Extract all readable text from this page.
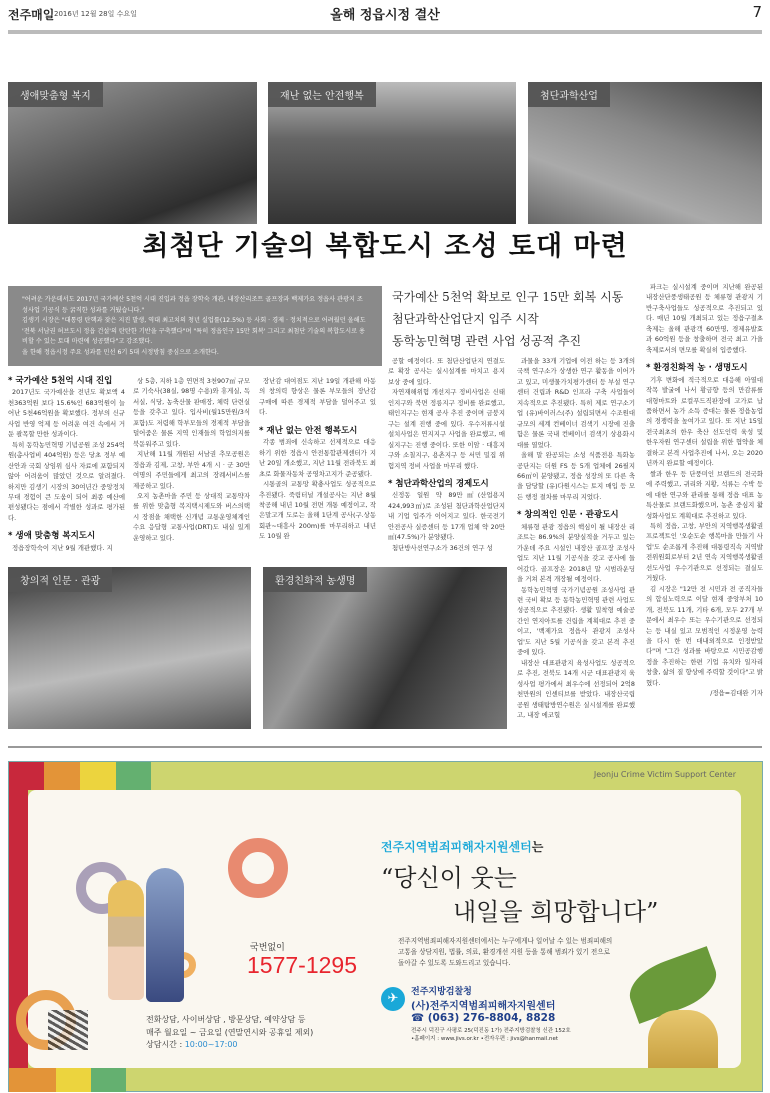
전주매일 2016년 12월 28일 수요일	올해 정읍시정 결산	7
생애맞춤형 복지	재난 없는 안전행복	첨단과학산업
최첨단 기술의 복합도시 조성 토대 마련

"어려운 가운데서도 2017년 국가예산 5천억 시대 진입과 정읍 장학숙 개관, 내장산리조트 골프장과 백제가요 정읍사 관광지 조성사업 기공식 등 굵직한 성과를 거뒀습니다."

김생기 시장은 "대통령 탄핵과 잦은 지진 발생, 역대 최고치의 청년 실업률(12.5%) 등 사회 · 경제 · 정치적으로 어려웠던 올해도 '전북 서남권 허브도시 정읍 건설'의 탄탄한 기반을 구축했다"며 "특히 정읍인구 15만 회복' 그리고 최첨단 기술의 복합도시로 용비할 수 있는 토대 마련에 성공했다"고 강조했다.

올 한해 정읍시정 주요 성과를 민선 6기 5대 시정방침 중심으로 소개한다.

국가예산 5천억 확보로 인구 15만 회복 시동
첨단과학산업단지 입주 시작
동학농민혁명 관련 사업 성공적 추진
* 국가예산 5천억 시대 진입

2017년도 국가예산을 전년도 확보액 4천363억원 보다 15.6%인 683억원이 늘어난 5천46억원을 확보했다. 정부의 신규 사업 반영 억제 등 어려운 여건 속에서 거둔 괄목할 만한 성과이다.

특히 동학농민혁명 기념공원 조성 254억원(총사업비 404억원) 등은 당초 정부 예산안과 국회 상임위 심사 자료에 포함되지 않아 어려움이 많았던 것으로 알려졌다. 하지만 김생기 시장의 30여년간 중앙정치 무대 경험이 큰 도움이 되어 최종 예산에 편성됐다는 점에서 각별한 성과로 평가된다.

* 생애 맞춤형 복지도시

정읍장학숙이 지난 9월 개관했다. 지

상 5층, 지하 1층 연면적 3천907㎡ 규모로 기숙사(38실, 98명 수용)와 휴게실, 독서실, 식당, 농축산물 판매장, 체력 단련실 등을 갖추고 있다. 입사비(월15만원/3식 포함)도 저렴해 학부모들의 경제적 부담을 덜어줌은 물론 지역 인재들의 학업의지를 북돋워주고 있다.

지난해 11월 개원된 서남권 추모공원은 정읍과 김제, 고창, 부안 4개 시 · 군 30만여명의 주민들에게 최고의 장례서비스를 제공하고 있다.

오지 농촌마을 주민 등 상대적 교통약자를 위한 맞춤형 복지택시제도와 버스의택시 장점을 채택한 신개념 교통운영체계인 수요 응답형 교통사업(DRT)도 내실 있게 운영하고 있다.

장난감 대여점도 지난 19일 개관해 아동의 창의력 향상은 물론 부모들의 장난감 구매에 따른 경제적 부담을 덜어주고 있다.

* 재난 없는 안전 행복도시

각종 범죄에 신속하고 선제적으로 대응하기 위한 정읍시 안전통합관제센터가 지난 20일 개소했고, 지난 11월 전라북도 최초로 화물자동차 공영차고지가 준공됐다.

시통골의 교통망 확충사업도 성공적으로 추진됐다. 죽림터널 개설공사는 지난 8월 착공해 내년 10월 전면 개통 예정이고, 작은말고개 도로는 올해 1단계 공사(구.상동회관~대흥사 200m)를 마무리하고 내년도 10월 완

공할 예정이다. 또 첨단산업단지 연결도로 확장 공사는 실시설계를 마치고 용지 보상 중에 있다.

자연재해위험 개선지구 정비사업은 신태인지구와 북면 정릉지구 정비를 완료했고, 태인지구는 현재 공사 추진 중이며 금붕지구는 설계 진행 중에 있다. 우수저류시설 설치사업은 연지지구 사업을 완료했고, 매실지구는 진행 중이다. 또한 이암 · 대흥지구와 소칠지구, 용촌지구 등 서민 밀집 위험지역 정비 사업을 마무리 했다.

* 첨단과학산업의 경제도시

신정동 일원 약 89만㎡(산업용지 424,993㎡)로 조성된 첨단과학산업단지 내 기업 입주가 이어지고 있다. 한국전기안전공사 실증센터 등 17개 업체 약 20만㎡(47.5%)가 분양됐다.

첨단방사선연구소가 36건의 연구 성

과물을 33개 기업에 이전 하는 등 3개의 국책 연구소가 상생한 연구 활동을 이어가고 있고, 미생물가치평가센터 등 부설 연구센터 건립과 R&D 인프라 구축 사업들이 지속적으로 추진됐다. 특히 제로 연구소기업 (유)바이러스(주) 설립되면서 수조원대 규모의 세계 컨베이너 검색기 시장에 진출함은 물론 국내 컨베이너 검색기 상용화시대를 열었다.

올해 말 완공되는 소성 식품전용 특화농공단지는 더원 FS 등 5개 업체에 26필지66㎡이 분양됐고, 정읍 성장의 또 다른 축을 담당할 (유)다원시스는 토지 매입 등 모든 행정 절차를 마무리 지었다.

* 창의적인 인문 · 관광도시

체류형 관광 정읍의 핵심이 될 내장산 리조트는 86.9%의 분양실적을 거두고 있는 가운데 주요 시설인 내장산 골프장 조성사업도 지난 11월 기공식을 갖고 공사에 들어갔다. 골프장은 2018년 말 시범라운딩을 거쳐 본격 개장될 예정이다.

동학농민혁명 국가기념공원 조성사업 관련 국비 확보 등 동학농민혁명 관련 사업도 성공적으로 추진됐다. 생활 밀착형 예술공간인 연지아트를 건립을 계획대로 추진 중이고, '백제가요 정읍사 관광지 조성사업'도 지난 5월 기공식을 갖고 본격 추진 중에 있다.

내장산 대표관광지 육성사업도 성공적으로 추진, 전북도 14개 시군 대표관광지 육성사업 평가에서 최우수에 선정되어 2억8천만원의 인센티브를 받았다. 내장산국립공원 생태탐방연수원은 실시설계를 완료했고, 내장 에코힐

파크는 실시설계 중이며 지난해 완공된 내장산단풍생태공원 등 체류형 관광지 기반구축사업들도 성공적으로 추진되고 있다. 매년 10월 개최되고 있는 정읍구절초축제는 올해 관광객 60만명, 경제유발효과 60억원 등을 창출하며 전국 최고 가을축제로서의 면모를 확실히 입증했다.

* 환경친화적 농 · 생명도시

기후 변화에 적극적으로 대응해 아열대 작목 발굴에 나서 황금향 등의 만감류를 대형마트와 로컬푸드직판장에 고가로 납품하면서 농가 소득 증대는 물론 정읍농업의 경쟁력을 높여가고 있다. 또 지난 15일 전국최초의 한우 축산 선도인력 육성 및 한우자원 연구센터 설립을 위한 협약을 체결하고 본격 사업추진에 나서, 오는 2020년까지 완료할 예정이다.

쌀과 한우 등 단풍미인 브랜드의 전국화에 주력했고, 귀리와 지황, 석류는 수박 등에 대한 연구와 관리를 통해 정읍 대표 농특산물로 브랜드화했으며, 농촌 중심지 활성화사업도 계획대로 추진하고 있다.

특히 정읍, 고창, 부안의 지역행복생활권 프로젝트인 '오순도순 행복마을 만들기 사업'도 순조롭게 추진해 대통령직속 지역발전위원회로부터 2년 연속 지역행복생활권 선도사업 우수기관으로 선정되는 결실도 거뒀다.

김 시장은 "12만 전 시민과 전 공직자들의 합심노력으로 이달 현재 중앙부처 10개, 전북도 11개, 기타 6개, 모두 27개 부문에서 최우수 또는 우수기관으로 선정되는 등 내실 있고 모범적인 시정운영 능력을 다시 한 번 대내외적으로 인정받았다"며 "그간 성과를 바탕으로 시민공감행정을 추진하는 한편 기업 유치와 일자리 창출, 삶의 질 향상에 주력할 것이다"고 밝혔다.

/정읍=김대완 기자
창의적 인문 · 관광	환경친화적 농생명
Jeonju Crime Victim Support Center
전주지역범죄피해자지원센터는
“당신이 웃는
내일을 희망합니다”
전주지역범죄피해자지원센터에서는 누구에게나 일어날 수 있는 범죄피해의
고통을 상담지원, 법률, 의료, 환경개선 지원 등을 통해 범죄가 있기 전으로
돌아갈 수 있도록 도와드리고 있습니다.
국번없이
1577-1295
전화상담, 사이버상담 , 방문상담, 예약상담 등
매주 월요일 ~ 금요일 (연말연시와 공휴일 제외)
상담시간 : 10:00~17:00
✈	전주지방검찰청
(사)전주지역범죄피해자지원센터
☎ (063) 276-8804, 8828
전주시 덕진구 사평로 25(덕진동 1가) 전주지방검찰청 신관 152호
•홈페이지 : www.jivs.or.kr •전자우편 : jivs@hanmail.net
